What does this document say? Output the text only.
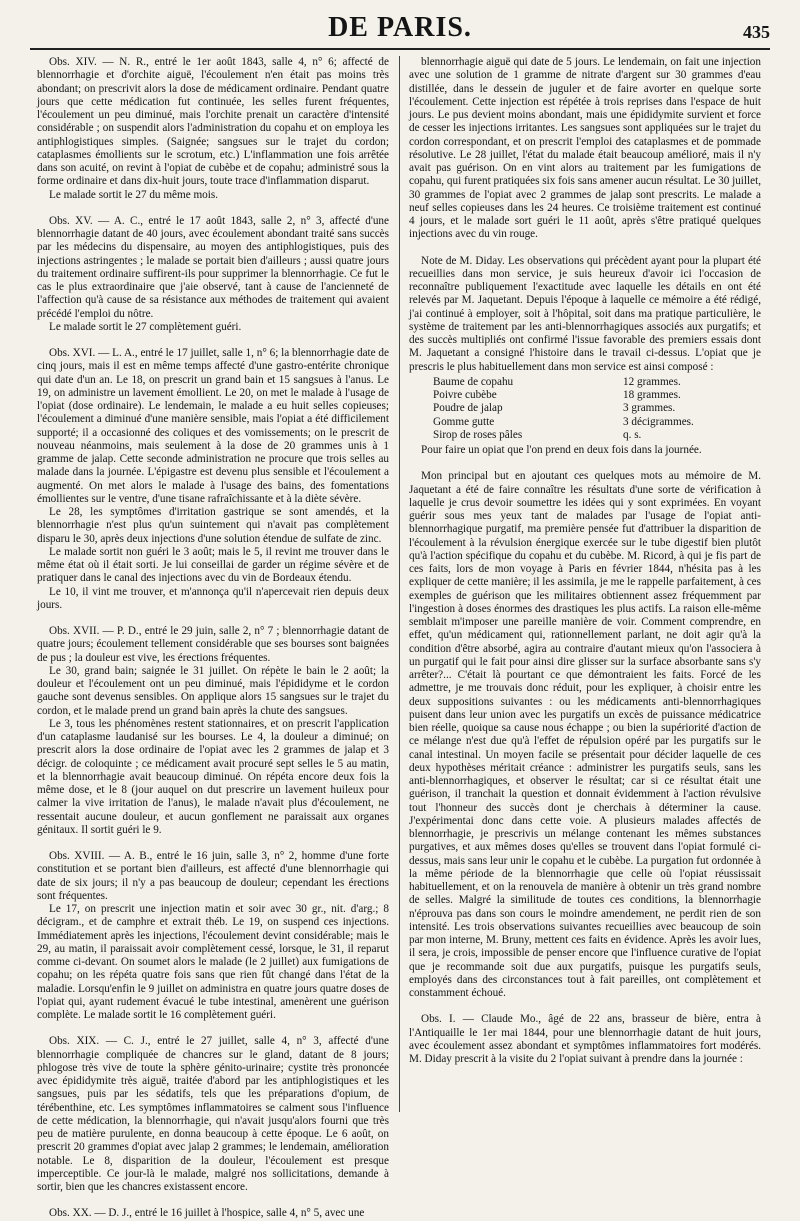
DE PARIS.	435

Obs. XIV. — N. R., entré le 1er août 1843, salle 4, n° 6; affecté de blennorrhagie et d'orchite aiguë, l'écoulement n'en était pas moins très abondant; on prescrivit alors la dose de médicament ordinaire. Pendant quatre jours que cette médication fut continuée, les selles furent fréquentes, l'écoulement un peu diminué, mais l'orchite prenait un caractère d'intensité considérable ; on suspendit alors l'administration du copahu et on employa les antiphlogistiques simples. (Saignée; sangsues sur le trajet du cordon; cataplasmes émollients sur le scrotum, etc.) L'inflammation une fois arrêtée dans son acuité, on revint à l'opiat de cubèbe et de copahu; administré sous la forme ordinaire et dans dix-huit jours, toute trace d'inflammation disparut.

Le malade sortit le 27 du même mois.

Obs. XV. — A. C., entré le 17 août 1843, salle 2, n° 3, affecté d'une blennorrhagie datant de 40 jours, avec écoulement abondant traité sans succès par les médecins du dispensaire, au moyen des antiphlogistiques, puis des injections astringentes ; le malade se portait bien d'ailleurs ; aussi quatre jours du traitement ordinaire suffirent-ils pour supprimer la blennorrhagie. Ce fut le cas le plus extraordinaire que j'aie observé, tant à cause de l'ancienneté de l'affection qu'à cause de sa résistance aux méthodes de traitement qui avaient précédé l'emploi du nôtre.

Le malade sortit le 27 complètement guéri.

Obs. XVI. — L. A., entré le 17 juillet, salle 1, n° 6; la blennorrhagie date de cinq jours, mais il est en même temps affecté d'une gastro-entérite chronique qui date d'un an. Le 18, on prescrit un grand bain et 15 sangsues à l'anus. Le 19, on administre un lavement émollient. Le 20, on met le malade à l'usage de l'opiat (dose ordinaire). Le lendemain, le malade a eu huit selles copieuses; l'écoulement a diminué d'une manière sensible, mais l'opiat a été difficilement supporté; il a occasionné des coliques et des vomissements; on le prescrit de nouveau néanmoins, mais seulement à la dose de 20 grammes unis à 1 gramme de jalap. Cette seconde administration ne procure que trois selles au malade dans la journée. L'épigastre est devenu plus sensible et l'écoulement a augmenté. On met alors le malade à l'usage des bains, des fomentations émollientes sur le ventre, d'une tisane rafraîchissante et à la diète sévère.

Le 28, les symptômes d'irritation gastrique se sont amendés, et la blennorrhagie n'est plus qu'un suintement qui n'avait pas complètement disparu le 30, après deux injections d'une solution étendue de sulfate de zinc.

Le malade sortit non guéri le 3 août; mais le 5, il revint me trouver dans le même état où il était sorti. Je lui conseillai de garder un régime sévère et de pratiquer dans le canal des injections avec du vin de Bordeaux étendu.

Le 10, il vint me trouver, et m'annonça qu'il n'apercevait rien depuis deux jours.

Obs. XVII. — P. D., entré le 29 juin, salle 2, n° 7 ; blennorrhagie datant de quatre jours; écoulement tellement considérable que ses bourses sont baignées de pus ; la douleur est vive, les érections fréquentes.

Le 30, grand bain; saignée le 31 juillet. On répète le bain le 2 août; la douleur et l'écoulement ont un peu diminué, mais l'épididyme et le cordon gauche sont devenus sensibles. On applique alors 15 sangsues sur le trajet du cordon, et le malade prend un grand bain après la chute des sangsues.

Le 3, tous les phénomènes restent stationnaires, et on prescrit l'application d'un cataplasme laudanisé sur les bourses. Le 4, la douleur a diminué; on prescrit alors la dose ordinaire de l'opiat avec les 2 grammes de jalap et 3 décigr. de coloquinte ; ce médicament avait procuré sept selles le 5 au matin, et la blennorrhagie avait beaucoup diminué. On répéta encore deux fois la même dose, et le 8 (jour auquel on dut prescrire un lavement huileux pour calmer la vive irritation de l'anus), le malade n'avait plus d'écoulement, ne ressentait aucune douleur, et aucun gonflement ne paraissait aux organes génitaux. Il sortit guéri le 9.

Obs. XVIII. — A. B., entré le 16 juin, salle 3, n° 2, homme d'une forte constitution et se portant bien d'ailleurs, est affecté d'une blennorrhagie qui date de six jours; il n'y a pas beaucoup de douleur; cependant les érections sont fréquentes.

Le 17, on prescrit une injection matin et soir avec 30 gr., nit. d'arg.; 8 décigram., et de camphre et extrait théb. Le 19, on suspend ces injections. Immédiatement après les injections, l'écoulement devint considérable; mais le 29, au matin, il paraissait avoir complètement cessé, lorsque, le 31, il reparut comme ci-devant. On soumet alors le malade (le 2 juillet) aux fumigations de copahu; on les répéta quatre fois sans que rien fût changé dans l'état de la maladie. Lorsqu'enfin le 9 juillet on administra en quatre jours quatre doses de l'opiat qui, ayant rudement évacué le tube intestinal, amenèrent une guérison complète. Le malade sortit le 16 complètement guéri.

Obs. XIX. — C. J., entré le 27 juillet, salle 4, n° 3, affecté d'une blennorrhagie compliquée de chancres sur le gland, datant de 8 jours; phlogose très vive de toute la sphère génito-urinaire; cystite très prononcée avec épididymite très aiguë, traitée d'abord par les antiphlogistiques et les sangsues, puis par les sédatifs, tels que les préparations d'opium, de térébenthine, etc. Les symptômes inflammatoires se calment sous l'influence de cette médication, la blennorrhagie, qui n'avait jusqu'alors fourni que très peu de matière purulente, en donna beaucoup à cette époque. Le 6 août, on prescrit 20 grammes d'opiat avec jalap 2 grammes; le lendemain, amélioration notable. Le 8, disparition de la douleur, l'écoulement est presque imperceptible. Ce jour-là le malade, malgré nos sollicitations, demande à sortir, bien que les chancres existassent encore.

Obs. XX. — D. J., entré le 16 juillet à l'hospice, salle 4, n° 5, avec une

blennorrhagie aiguë qui date de 5 jours. Le lendemain, on fait une injection avec une solution de 1 gramme de nitrate d'argent sur 30 grammes d'eau distillée, dans le dessein de juguler et de faire avorter en quelque sorte l'écoulement. Cette injection est répétée à trois reprises dans l'espace de huit jours. Le pus devient moins abondant, mais une épididymite survient et force de cesser les injections irritantes. Les sangsues sont appliquées sur le trajet du cordon correspondant, et on prescrit l'emploi des cataplasmes et de pommade résolutive. Le 28 juillet, l'état du malade était beaucoup amélioré, mais il n'y avait pas guérison. On en vint alors au traitement par les fumigations de copahu, qui furent pratiquées six fois sans amener aucun résultat. Le 30 juillet, 30 grammes de l'opiat avec 2 grammes de jalap sont prescrits. Le malade a neuf selles copieuses dans les 24 heures. Ce troisième traitement est continué 4 jours, et le malade sort guéri le 11 août, après s'être pratiqué quelques injections avec du vin rouge.

Note de M. Diday. Les observations qui précèdent ayant pour la plupart été recueillies dans mon service, je suis heureux d'avoir ici l'occasion de reconnaître publiquement l'exactitude avec laquelle les détails en ont été relevés par M. Jaquetant. Depuis l'époque à laquelle ce mémoire a été rédigé, j'ai continué à employer, soit à l'hôpital, soit dans ma pratique particulière, le système de traitement par les anti-blennorrhagiques associés aux purgatifs; et des succès multipliés ont confirmé l'issue favorable des premiers essais dont M. Jaquetant a consigné l'histoire dans le travail ci-dessus. L'opiat que je prescris le plus habituellement dans mon service est ainsi composé :

Baume de copahu	12 grammes.
Poivre cubèbe	18 grammes.
Poudre de jalap	3 grammes.
Gomme gutte	3 décigrammes.
Sirop de roses pâles	q. s.

Pour faire un opiat que l'on prend en deux fois dans la journée.

Mon principal but en ajoutant ces quelques mots au mémoire de M. Jaquetant a été de faire connaître les résultats d'une sorte de vérification à laquelle je crus devoir soumettre les idées qui y sont exprimées. En voyant guérir sous mes yeux tant de malades par l'usage de l'opiat anti-blennorrhagique purgatif, ma première pensée fut d'attribuer la disparition de l'écoulement à la révulsion énergique exercée sur le tube digestif bien plutôt qu'à l'action spécifique du copahu et du cubèbe. M. Ricord, à qui je fis part de ces faits, lors de mon voyage à Paris en février 1844, n'hésita pas à les expliquer de cette manière; il les assimila, je me le rappelle parfaitement, à ces exemples de guérison que les militaires obtiennent assez fréquemment par l'ingestion à doses énormes des drastiques les plus actifs. La raison elle-même semblait m'imposer une pareille manière de voir. Comment comprendre, en effet, qu'un médicament qui, rationnellement parlant, ne doit agir qu'à la condition d'être absorbé, agira au contraire d'autant mieux qu'on l'associera à un purgatif qui le fait pour ainsi dire glisser sur la surface absorbante sans s'y arrêter?... C'était là pourtant ce que démontraient les faits. Forcé de les admettre, je me trouvais donc réduit, pour les expliquer, à choisir entre les deux suppositions suivantes : ou les médicaments anti-blennorrhagiques puisent dans leur union avec les purgatifs un excès de puissance médicatrice bien réelle, quoique sa cause nous échappe ; ou bien la supériorité d'action de ce mélange n'est due qu'à l'effet de répulsion opéré par les purgatifs sur le canal intestinal. Un moyen facile se présentait pour décider laquelle de ces deux hypothèses méritait créance : administrer les purgatifs seuls, sans les anti-blennorrhagiques, et observer le résultat; car si ce résultat était une guérison, il tranchait la question et donnait évidemment à l'action révulsive tout l'honneur des succès dont je cherchais à déterminer la cause. J'expérimentai donc dans cette voie. A plusieurs malades affectés de blennorrhagie, je prescrivis un mélange contenant les mêmes substances purgatives, et aux mêmes doses qu'elles se trouvent dans l'opiat formulé ci-dessus, mais sans leur unir le copahu et le cubèbe. La purgation fut ordonnée à la même période de la blennorrhagie que celle où l'opiat réussissait habituellement, et on la renouvela de manière à obtenir un très grand nombre de selles. Malgré la similitude de toutes ces conditions, la blennorrhagie n'éprouva pas dans son cours le moindre amendement, ne perdit rien de son intensité. Les trois observations suivantes recueillies avec beaucoup de soin par mon interne, M. Bruny, mettent ces faits en évidence. Après les avoir lues, il sera, je crois, impossible de penser encore que l'influence curative de l'opiat que je recommande soit due aux purgatifs, puisque les purgatifs seuls, employés dans des circonstances tout à fait pareilles, ont complètement et constamment échoué.

Obs. I. — Claude Mo., âgé de 22 ans, brasseur de bière, entra à l'Antiquaille le 1er mai 1844, pour une blennorrhagie datant de huit jours, avec écoulement assez abondant et symptômes inflammatoires fort modérés. M. Diday prescrit à la visite du 2 l'opiat suivant à prendre dans la journée :
